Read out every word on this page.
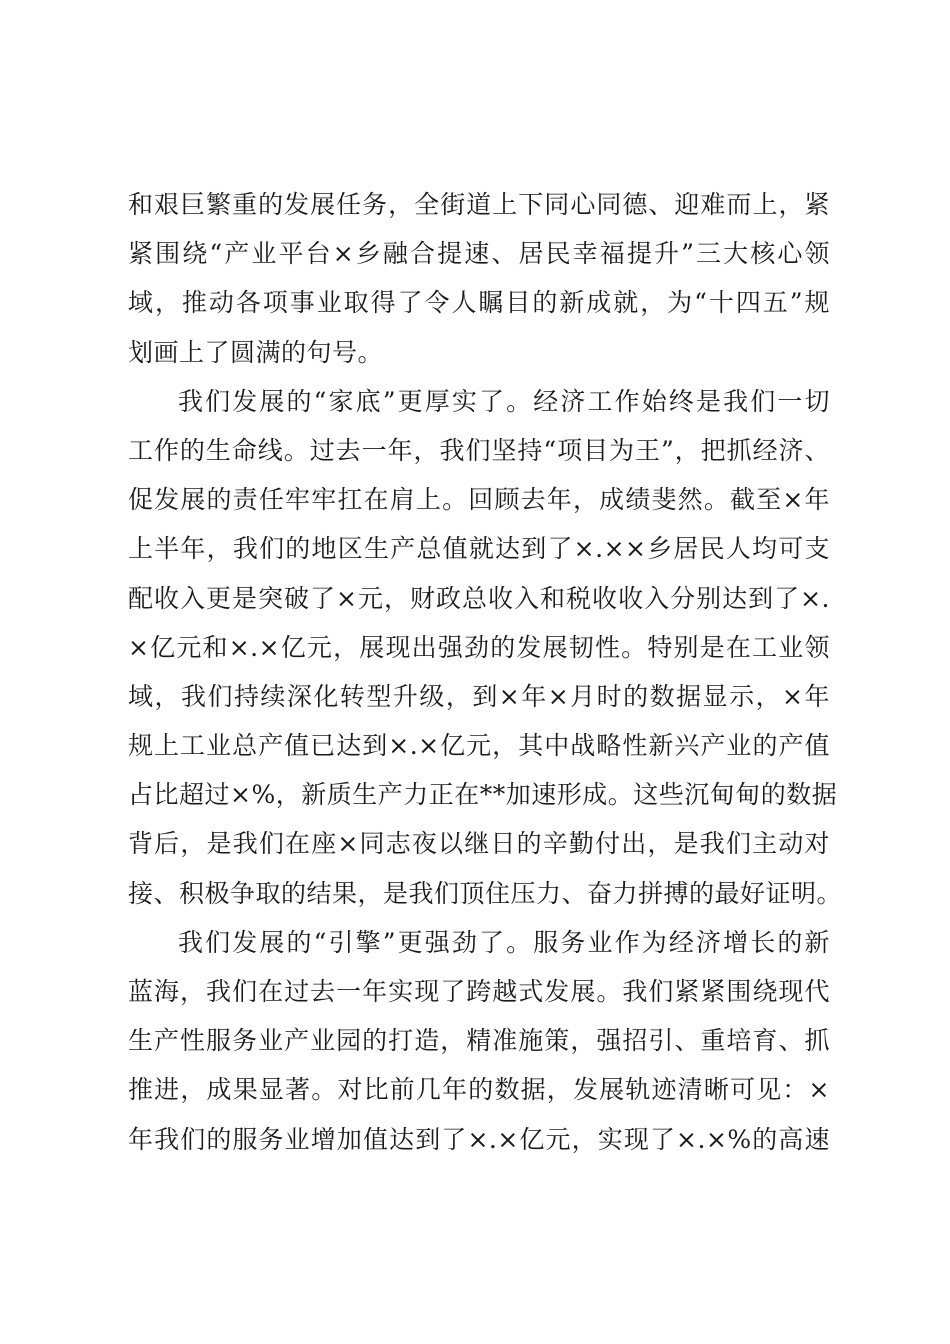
和艰巨繁重的发展任务，全街道上下同心同德、迎难而上，紧
紧围绕“产业平台×乡融合提速、居民幸福提升”三大核心领
域，推动各项事业取得了令人瞩目的新成就，为“十四五”规
划画上了圆满的句号。
我们发展的“家底”更厚实了。经济工作始终是我们一切
工作的生命线。过去一年，我们坚持“项目为王”，把抓经济、
促发展的责任牢牢扛在肩上。回顾去年，成绩斐然。截至×年
上半年，我们的地区生产总值就达到了×.××乡居民人均可支
配收入更是突破了×元，财政总收入和税收收入分别达到了×.
×亿元和×.×亿元，展现出强劲的发展韧性。特别是在工业领
域，我们持续深化转型升级，到×年×月时的数据显示，×年
规上工业总产值已达到×.×亿元，其中战略性新兴产业的产值
占比超过×%，新质生产力正在**加速形成。这些沉甸甸的数据
背后，是我们在座×同志夜以继日的辛勤付出，是我们主动对
接、积极争取的结果，是我们顶住压力、奋力拼搏的最好证明。
我们发展的“引擎”更强劲了。服务业作为经济增长的新
蓝海，我们在过去一年实现了跨越式发展。我们紧紧围绕现代
生产性服务业产业园的打造，精准施策，强招引、重培育、抓
推进，成果显著。对比前几年的数据，发展轨迹清晰可见：×
年我们的服务业增加值达到了×.×亿元，实现了×.×%的高速
